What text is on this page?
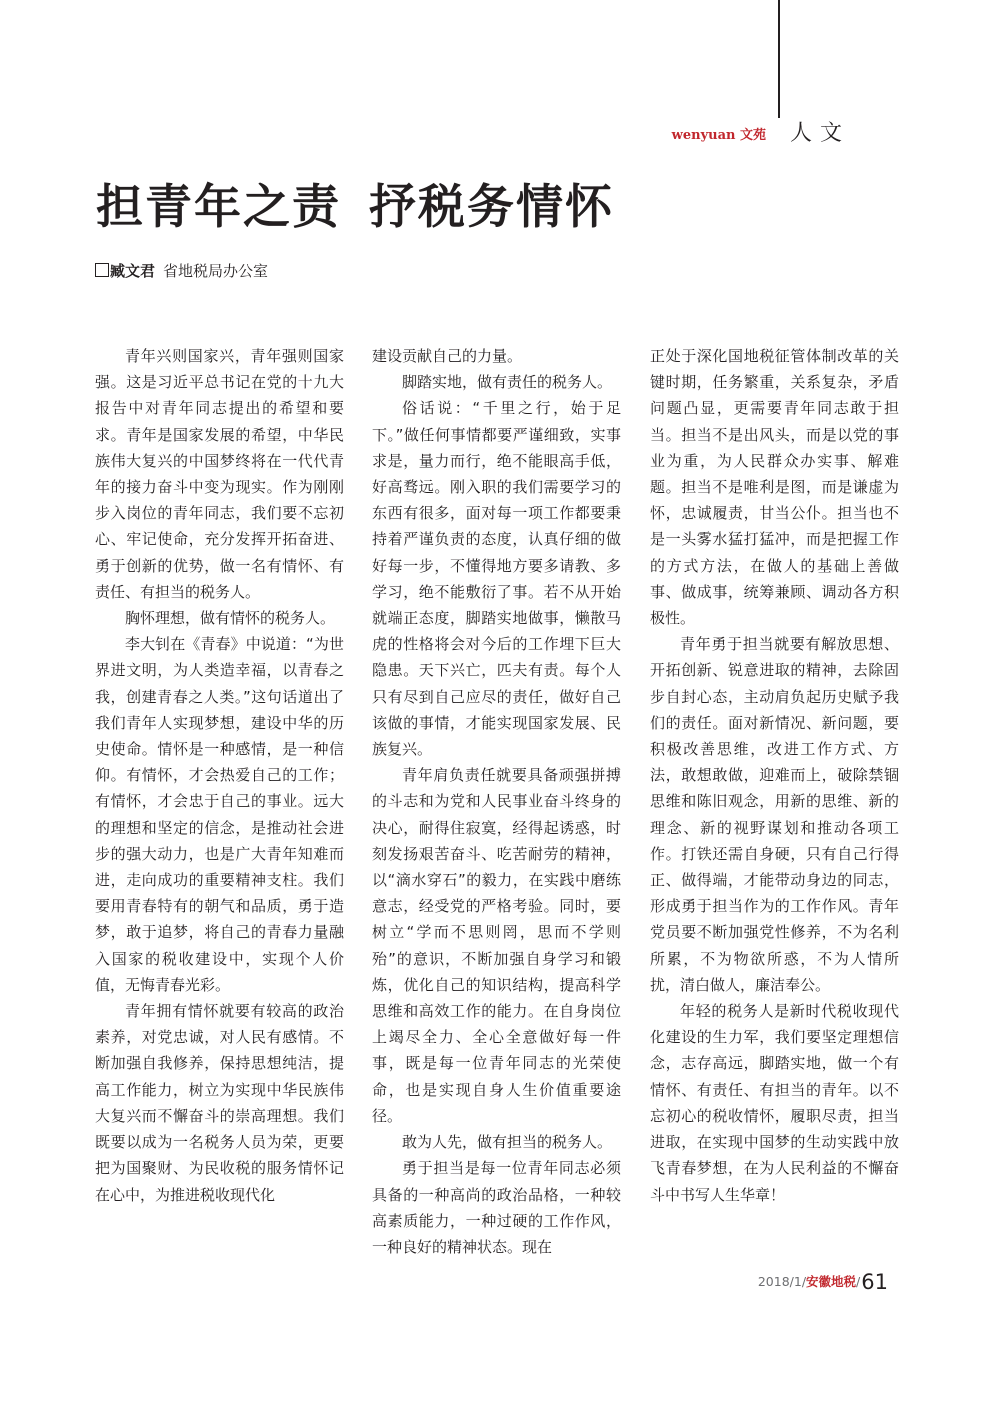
wenyuan 文苑 人文
担青年之责 抒税务情怀
臧文君 省地税局办公室

青年兴则国家兴，青年强则国家强。这是习近平总书记在党的十九大报告中对青年同志提出的希望和要求。青年是国家发展的希望，中华民族伟大复兴的中国梦终将在一代代青年的接力奋斗中变为现实。作为刚刚步入岗位的青年同志，我们要不忘初心、牢记使命，充分发挥开拓奋进、勇于创新的优势，做一名有情怀、有责任、有担当的税务人。

胸怀理想，做有情怀的税务人。

李大钊在《青春》中说道：“为世界进文明，为人类造幸福，以青春之我，创建青春之人类。”这句话道出了我们青年人实现梦想，建设中华的历史使命。情怀是一种感情，是一种信仰。有情怀，才会热爱自己的工作；有情怀，才会忠于自己的事业。远大的理想和坚定的信念，是推动社会进步的强大动力，也是广大青年知难而进，走向成功的重要精神支柱。我们要用青春特有的朝气和品质，勇于造梦，敢于追梦，将自己的青春力量融入国家的税收建设中，实现个人价值，无悔青春光彩。

青年拥有情怀就要有较高的政治素养，对党忠诚，对人民有感情。不断加强自我修养，保持思想纯洁，提高工作能力，树立为实现中华民族伟大复兴而不懈奋斗的崇高理想。我们既要以成为一名税务人员为荣，更要把为国聚财、为民收税的服务情怀记在心中，为推进税收现代化

建设贡献自己的力量。

脚踏实地，做有责任的税务人。

俗话说：“千里之行，始于足下。”做任何事情都要严谨细致，实事求是，量力而行，绝不能眼高手低，好高骛远。刚入职的我们需要学习的东西有很多，面对每一项工作都要秉持着严谨负责的态度，认真仔细的做好每一步，不懂得地方要多请教、多学习，绝不能敷衍了事。若不从开始就端正态度，脚踏实地做事，懒散马虎的性格将会对今后的工作埋下巨大隐患。天下兴亡，匹夫有责。每个人只有尽到自己应尽的责任，做好自己该做的事情，才能实现国家发展、民族复兴。

青年肩负责任就要具备顽强拼搏的斗志和为党和人民事业奋斗终身的决心，耐得住寂寞，经得起诱惑，时刻发扬艰苦奋斗、吃苦耐劳的精神，以“滴水穿石”的毅力，在实践中磨练意志，经受党的严格考验。同时，要树立“学而不思则罔，思而不学则殆”的意识，不断加强自身学习和锻炼，优化自己的知识结构，提高科学思维和高效工作的能力。在自身岗位上竭尽全力、全心全意做好每一件事，既是每一位青年同志的光荣使命，也是实现自身人生价值重要途径。

敢为人先，做有担当的税务人。

勇于担当是每一位青年同志必须具备的一种高尚的政治品格，一种较高素质能力，一种过硬的工作作风，一种良好的精神状态。现在

正处于深化国地税征管体制改革的关键时期，任务繁重，关系复杂，矛盾问题凸显，更需要青年同志敢于担当。担当不是出风头，而是以党的事业为重，为人民群众办实事、解难题。担当不是唯利是图，而是谦虚为怀，忠诚履责，甘当公仆。担当也不是一头雾水猛打猛冲，而是把握工作的方式方法，在做人的基础上善做事、做成事，统筹兼顾、调动各方积极性。

青年勇于担当就要有解放思想、开拓创新、锐意进取的精神，去除固步自封心态，主动肩负起历史赋予我们的责任。面对新情况、新问题，要积极改善思维，改进工作方式、方法，敢想敢做，迎难而上，破除禁锢思维和陈旧观念，用新的思维、新的理念、新的视野谋划和推动各项工作。打铁还需自身硬，只有自己行得正、做得端，才能带动身边的同志，形成勇于担当作为的工作作风。青年党员要不断加强党性修养，不为名利所累，不为物欲所惑，不为人情所扰，清白做人，廉洁奉公。

年轻的税务人是新时代税收现代化建设的生力军，我们要坚定理想信念，志存高远，脚踏实地，做一个有情怀、有责任、有担当的青年。以不忘初心的税收情怀，履职尽责，担当进取，在实现中国梦的生动实践中放飞青春梦想，在为人民利益的不懈奋斗中书写人生华章！

2018/1/安徽地税/61
